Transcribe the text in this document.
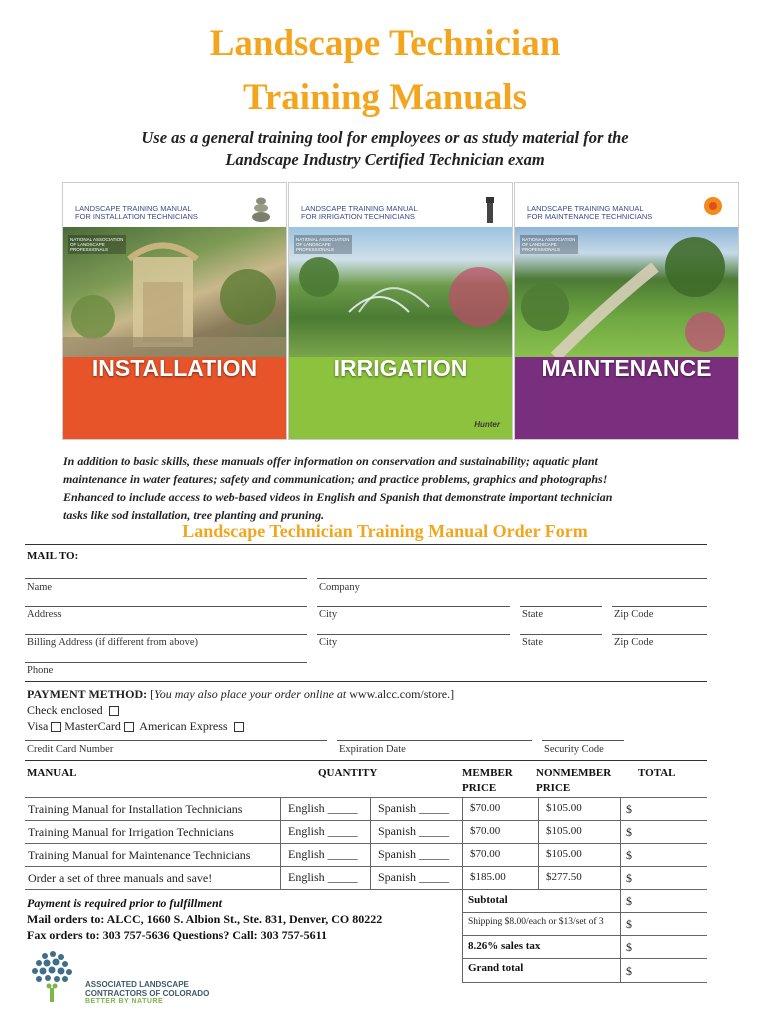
Landscape Technician
Training Manuals
Use as a general training tool for employees or as study material for the
Landscape Industry Certified Technician exam
LANDSCAPE TRAINING MANUAL
FOR INSTALLATION TECHNICIANS
NATIONAL ASSOCIATION OF LANDSCAPE PROFESSIONALS
INSTALLATION
LANDSCAPE TRAINING MANUAL
FOR IRRIGATION TECHNICIANS
NATIONAL ASSOCIATION OF LANDSCAPE PROFESSIONALS
IRRIGATION
Hunter
LANDSCAPE TRAINING MANUAL
FOR MAINTENANCE TECHNICIANS
NATIONAL ASSOCIATION OF LANDSCAPE PROFESSIONALS
MAINTENANCE
In addition to basic skills, these manuals offer information on conservation and sustainability; aquatic plant
maintenance in water features; safety and communication; and practice problems, graphics and photographs!
Enhanced to include access to web-based videos in English and Spanish that demonstrate important technician
tasks like sod installation, tree planting and pruning.
Landscape Technician Training Manual Order Form
MAIL TO:
Name	Company
Address	City	State	Zip Code
Billing Address (if different from above)	City	State	Zip Code
Phone
PAYMENT METHOD: [You may also place your order online at www.alcc.com/store.]
Check enclosed
Visa MasterCard American Express
Credit Card Number	Expiration Date	Security Code
MANUAL	QUANTITY	MEMBER
PRICE
NONMEMBER
PRICE
TOTAL
Training Manual for Installation Technicians	English _____ Spanish _____ $70.00	$105.00	$
Training Manual for Irrigation Technicians	English _____ Spanish _____ $70.00	$105.00	$
Training Manual for Maintenance Technicians	English _____ Spanish _____ $70.00	$105.00	$
Order a set of three manuals and save!	English _____ Spanish _____ $185.00	$277.50	$
Subtotal	$
Shipping $8.00/each or $13/set of 3 $
8.26% sales tax	$
Grand total	$
Payment is required prior to fulfillment
Mail orders to: ALCC, 1660 S. Albion St., Ste. 831, Denver, CO 80222
Fax orders to: 303 757-5636 Questions? Call: 303 757-5611
ASSOCIATED LANDSCAPE
CONTRACTORS OF COLORADO
BETTER BY NATURE
